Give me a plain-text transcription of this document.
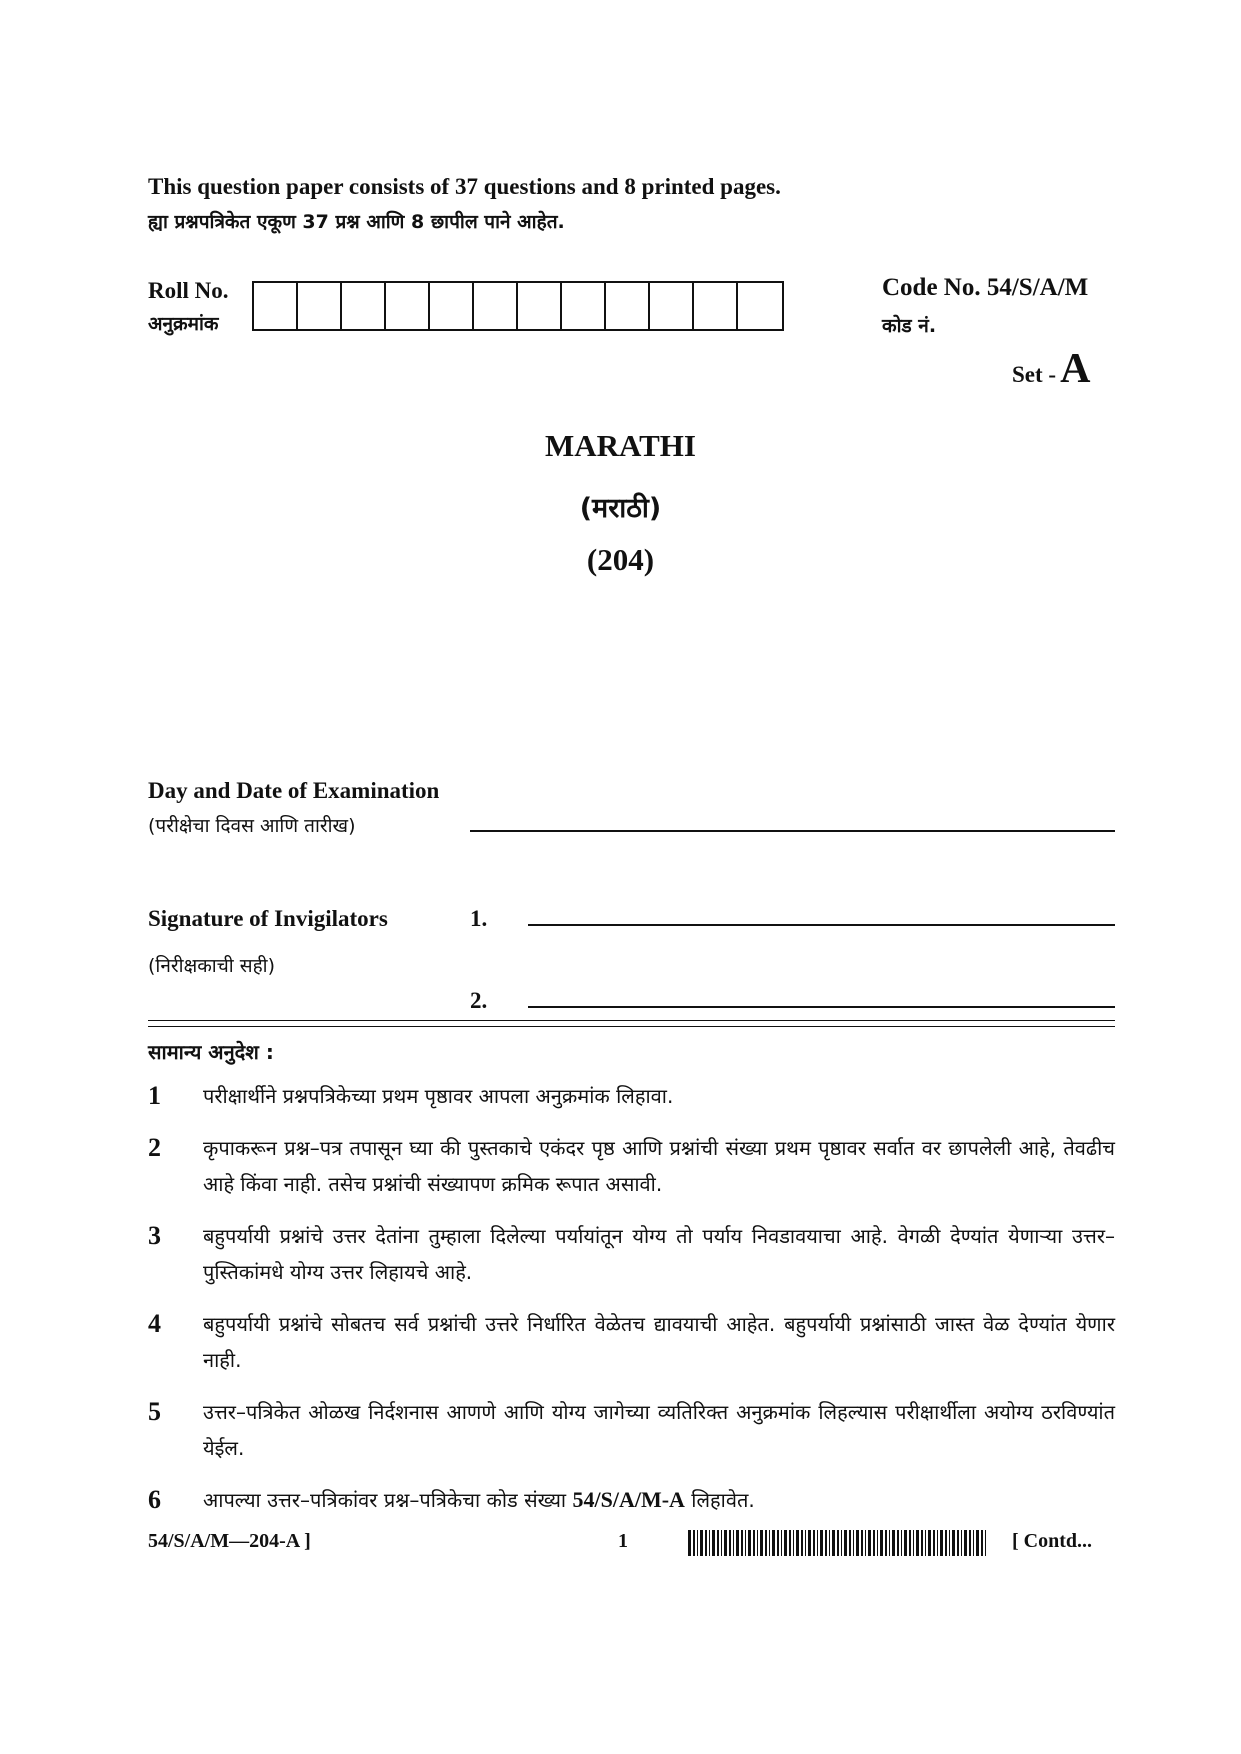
This question paper consists of 37 questions and 8 printed pages.
ह्या प्रश्नपत्रिकेत एकूण 37 प्रश्न आणि 8 छापील पाने आहेत.
Roll No.
अनुक्रमांक
Code No. 54/S/A/M
कोड नं.
Set -A
MARATHI
(मराठी)
(204)
Day and Date of Examination
(परीक्षेचा दिवस आणि तारीख)
Signature of Invigilators
(निरीक्षकाची सही)
1.
2.
सामान्य अनुदेश :
1	परीक्षार्थीने प्रश्नपत्रिकेच्या प्रथम पृष्ठावर आपला अनुक्रमांक लिहावा.
2	कृपाकरून प्रश्न–पत्र तपासून घ्या की पुस्तकाचे एकंदर पृष्ठ आणि प्रश्नांची संख्या प्रथम पृष्ठावर सर्वात वर छापलेली आहे, तेवढीच आहे किंवा नाही. तसेच प्रश्नांची संख्यापण क्रमिक रूपात असावी.
3	बहुपर्यायी प्रश्नांचे उत्तर देतांना तुम्हाला दिलेल्या पर्यायांतून योग्य तो पर्याय निवडावयाचा आहे. वेगळी देण्यांत येणाऱ्या उत्तर–पुस्तिकांमधे योग्य उत्तर लिहायचे आहे.
4	बहुपर्यायी प्रश्नांचे सोबतच सर्व प्रश्नांची उत्तरे निर्धारित वेळेतच द्यावयाची आहेत. बहुपर्यायी प्रश्नांसाठी जास्त वेळ देण्यांत येणार नाही.
5	उत्तर–पत्रिकेत ओळख निर्दशनास आणणे आणि योग्य जागेच्या व्यतिरिक्त अनुक्रमांक लिहल्यास परीक्षार्थीला अयोग्य ठरविण्यांत येईल.
6	आपल्या उत्तर–पत्रिकांवर प्रश्न–पत्रिकेचा कोड संख्या 54/S/A/M-A लिहावेत.
54/S/A/M—204-A ]	1	[ Contd...
